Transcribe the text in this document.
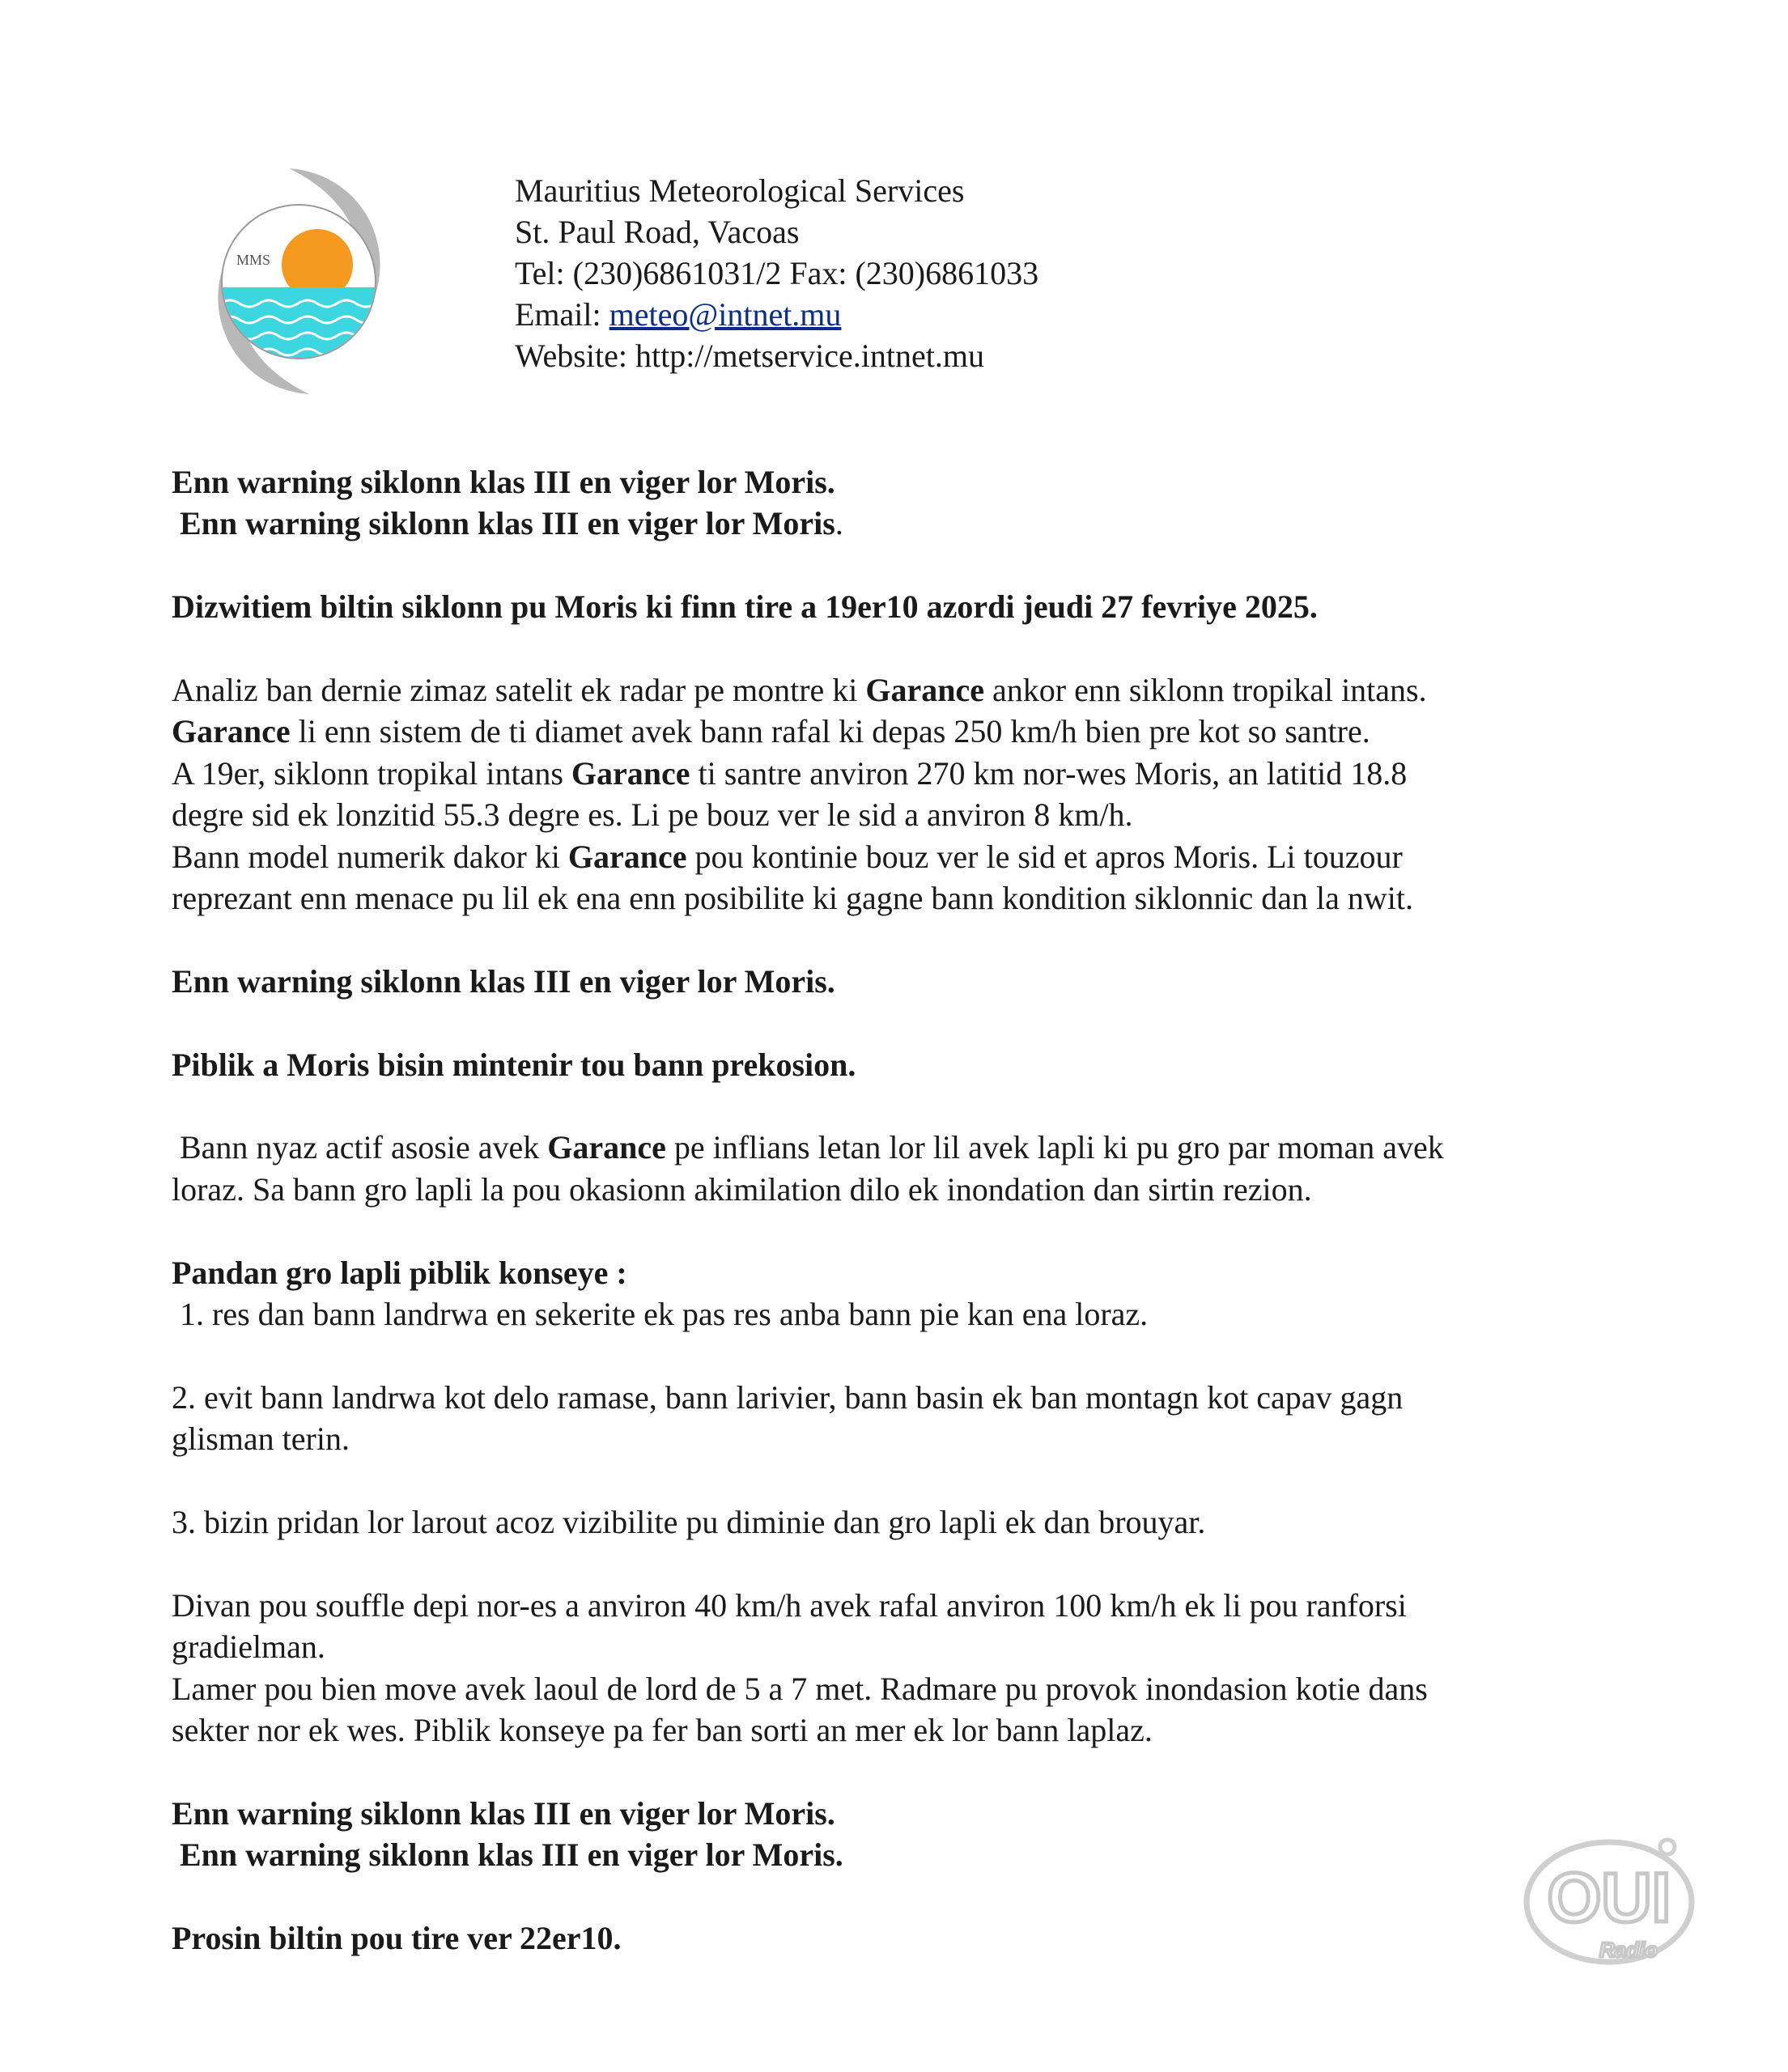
MMS
Mauritius Meteorological Services
St. Paul Road, Vacoas
Tel: (230)6861031/2 Fax: (230)6861033
Email: meteo@intnet.mu
Website: http://metservice.intnet.mu

Enn warning siklonn klas III en viger lor Moris.
Enn warning siklonn klas III en viger lor Moris.

Dizwitiem biltin siklonn pu Moris ki finn tire a 19er10 azordi jeudi 27 fevriye 2025.

Analiz ban dernie zimaz satelit ek radar pe montre ki Garance ankor enn siklonn tropikal intans.
Garance li enn sistem de ti diamet avek bann rafal ki depas 250 km/h bien pre kot so santre.
A 19er, siklonn tropikal intans Garance ti santre anviron 270 km nor-wes Moris, an latitid 18.8
degre sid ek lonzitid 55.3 degre es. Li pe bouz ver le sid a anviron 8 km/h.
Bann model numerik dakor ki Garance pou kontinie bouz ver le sid et apros Moris. Li touzour
reprezant enn menace pu lil ek ena enn posibilite ki gagne bann kondition siklonnic dan la nwit.

Enn warning siklonn klas III en viger lor Moris.

Piblik a Moris bisin mintenir tou bann prekosion.

Bann nyaz actif asosie avek Garance pe inflians letan lor lil avek lapli ki pu gro par moman avek
loraz. Sa bann gro lapli la pou okasionn akimilation dilo ek inondation dan sirtin rezion.

Pandan gro lapli piblik konseye :
1. res dan bann landrwa en sekerite ek pas res anba bann pie kan ena loraz.

2. evit bann landrwa kot delo ramase, bann larivier, bann basin ek ban montagn kot capav gagn
glisman terin.

3. bizin pridan lor larout acoz vizibilite pu diminie dan gro lapli ek dan brouyar.

Divan pou souffle depi nor-es a anviron 40 km/h avek rafal anviron 100 km/h ek li pou ranforsi
gradielman.
Lamer pou bien move avek laoul de lord de 5 a 7 met. Radmare pu provok inondasion kotie dans
sekter nor ek wes. Piblik konseye pa fer ban sorti an mer ek lor bann laplaz.

Enn warning siklonn klas III en viger lor Moris.
Enn warning siklonn klas III en viger lor Moris.

Prosin biltin pou tire ver 22er10.

OUI
Radio
